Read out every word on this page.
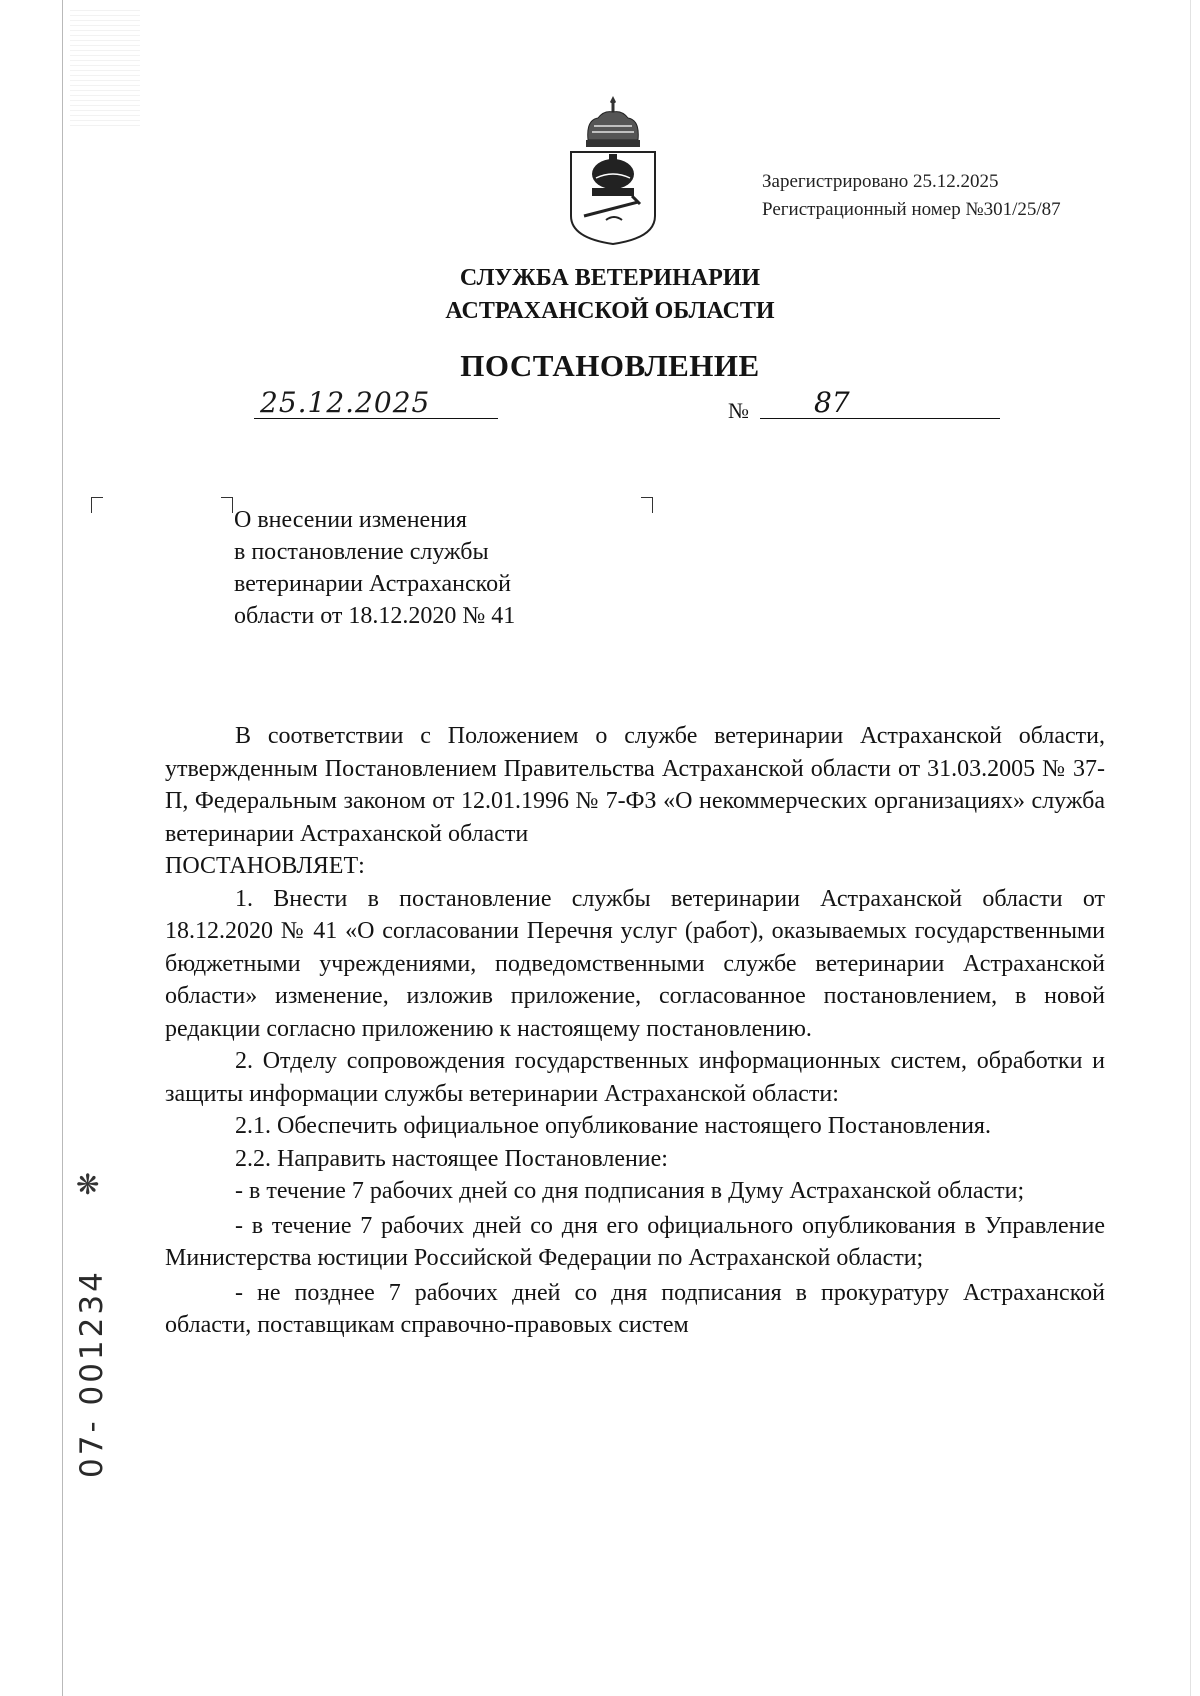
Зарегистрировано 25.12.2025
Регистрационный номер №301/25/87
СЛУЖБА ВЕТЕРИНАРИИ
АСТРАХАНСКОЙ ОБЛАСТИ
ПОСТАНОВЛЕНИЕ
25.12.2025	№ 87
О внесении изменения
в постановление службы
ветеринарии Астраханской
области от 18.12.2020 № 41

В соответствии с Положением о службе ветеринарии Астраханской области, утвержденным Постановлением Правительства Астраханской области от 31.03.2005 № 37-П, Федеральным законом от 12.01.1996 № 7-ФЗ «О некоммерческих организациях» служба ветеринарии Астраханской области

ПОСТАНОВЛЯЕТ:

1. Внести в постановление службы ветеринарии Астраханской области от 18.12.2020 № 41 «О согласовании Перечня услуг (работ), оказываемых государственными бюджетными учреждениями, подведомственными службе ветеринарии Астраханской области» изменение, изложив приложение, согласованное постановлением, в новой редакции согласно приложению к настоящему постановлению.

2. Отделу сопровождения государственных информационных систем, обработки и защиты информации службы ветеринарии Астраханской области:

2.1. Обеспечить официальное опубликование настоящего Постановления.

2.2. Направить настоящее Постановление:

- в течение 7 рабочих дней со дня подписания в Думу Астраханской области;

- в течение 7 рабочих дней со дня его официального опубликования в Управление Министерства юстиции Российской Федерации по Астраханской области;

- не позднее 7 рабочих дней со дня подписания в прокуратуру Астраханской области, поставщикам справочно-правовых систем

❋
07- 001234
